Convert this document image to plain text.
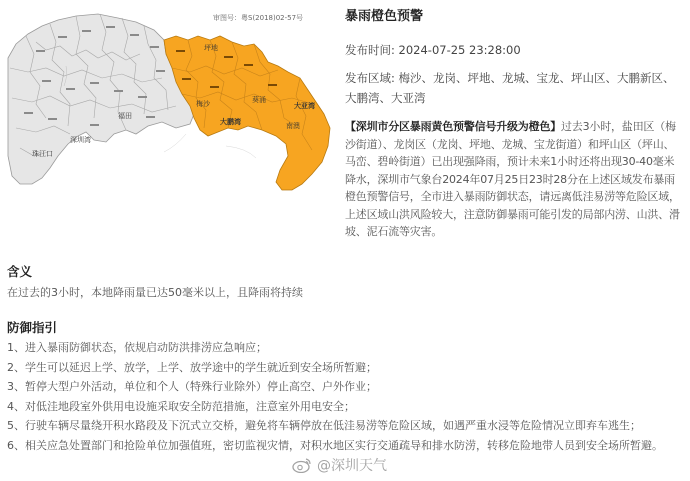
坪地
梅沙
大鹏湾
葵涌
南澳
大亚湾
福田
深圳湾
珠江口
审图号：粤S(2018)02-57号	暴雨橙色预警
发布时间: 2024-07-25 23:28:00
发布区域: 梅沙、龙岗、坪地、龙城、宝龙、坪山区、大鹏新区、大鹏湾、大亚湾
【深圳市分区暴雨黄色预警信号升级为橙色】过去3小时，盐田区（梅沙街道）、龙岗区（龙岗、坪地、龙城、宝龙街道）和坪山区（坪山、马峦、碧岭街道）已出现强降雨，预计未来1小时还将出现30-40毫米降水，深圳市气象台2024年07月25日23时28分在上述区域发布暴雨橙色预警信号，全市进入暴雨防御状态，请远离低洼易涝等危险区域，上述区域山洪风险较大，注意防御暴雨可能引发的局部内涝、山洪、滑坡、泥石流等灾害。
含义
在过去的3小时，本地降雨量已达50毫米以上，且降雨将持续
防御指引
1、进入暴雨防御状态，依规启动防洪排涝应急响应；
2、学生可以延迟上学、放学，上学、放学途中的学生就近到安全场所暂避；
3、暂停大型户外活动，单位和个人（特殊行业除外）停止高空、户外作业；
4、对低洼地段室外供用电设施采取安全防范措施，注意室外用电安全；
5、行驶车辆尽量绕开积水路段及下沉式立交桥，避免将车辆停放在低洼易涝等危险区域，如遇严重水浸等危险情况立即弃车逃生；
6、相关应急处置部门和抢险单位加强值班，密切监视灾情，对积水地区实行交通疏导和排水防涝，转移危险地带人员到安全场所暂避。
@深圳天气
